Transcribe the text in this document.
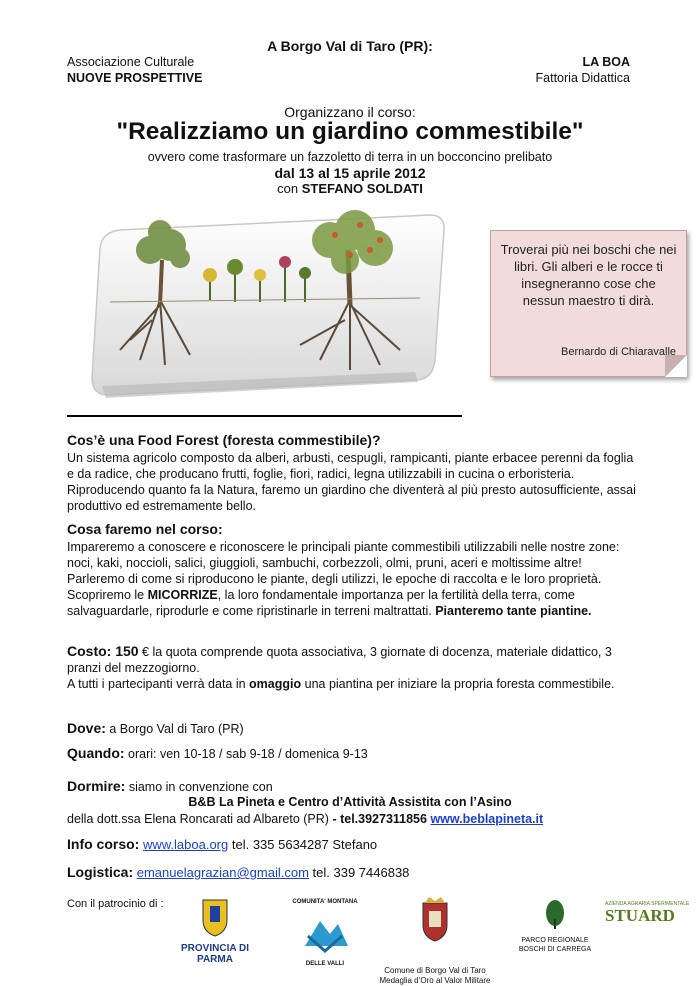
A Borgo Val di Taro (PR):
Associazione Culturale
NUOVE PROSPETTIVE
LA BOA
Fattoria Didattica
Organizzano il corso:
"Realizziamo un giardino commestibile"
ovvero come trasformare un fazzoletto di terra in un bocconcino prelibato
dal 13 al 15 aprile 2012
con STEFANO SOLDATI
Troverai più nei boschi che nei libri. Gli alberi e le rocce ti insegneranno cose che nessun maestro ti dirà.
Bernardo di Chiaravalle
Cos’è una Food Forest (foresta commestibile)?
Un sistema agricolo composto da alberi, arbusti, cespugli, rampicanti, piante erbacee perenni da foglia e da radice, che producano frutti, foglie, fiori, radici, legna utilizzabili in cucina o erboristeria. Riproducendo quanto fa la Natura, faremo un giardino che diventerà al più presto autosufficiente, assai produttivo ed estremamente bello.
Cosa faremo nel corso:
Impareremo a conoscere e riconoscere le principali piante commestibili utilizzabili nelle nostre zone: noci, kaki, noccioli, salici, giuggioli, sambuchi, corbezzoli, olmi, pruni, aceri e moltissime altre! Parleremo di come si riproducono le piante, degli utilizzi, le epoche di raccolta e le loro proprietà. Scopriremo le MICORRIZE, la loro fondamentale importanza per la fertilità della terra, come salvaguardarle, riprodurle e come ripristinarle in terreni maltrattati. Pianteremo tante piantine.
Costo: 150 € la quota comprende quota associativa, 3 giornate di docenza, materiale didattico, 3 pranzi del mezzogiorno.
A tutti i partecipanti verrà data in omaggio una piantina per iniziare la propria foresta commestibile.
Dove: a Borgo Val di Taro (PR)
Quando: orari: ven 10-18 / sab 9-18 / domenica 9-13
Dormire: siamo in convenzione con
B&B La Pineta e Centro d’Attività Assistita con l’Asino
della dott.ssa Elena Roncarati ad Albareto (PR) - tel.3927311856 www.beblapineta.it
Info corso: www.laboa.org tel. 335 5634287 Stefano
Logistica: emanuelagrazian@gmail.com tel. 339 7446838
Con il patrocinio di :
PROVINCIA DI PARMA
COMUNITA' MONTANA
DELLE VALLI
Comune di Borgo Val di Taro
Medaglia d’Oro al Valor Militare
PARCO REGIONALE
BOSCHI DI CARREGA
AZIENDA AGRARIA SPERIMENTALE
STUARD
